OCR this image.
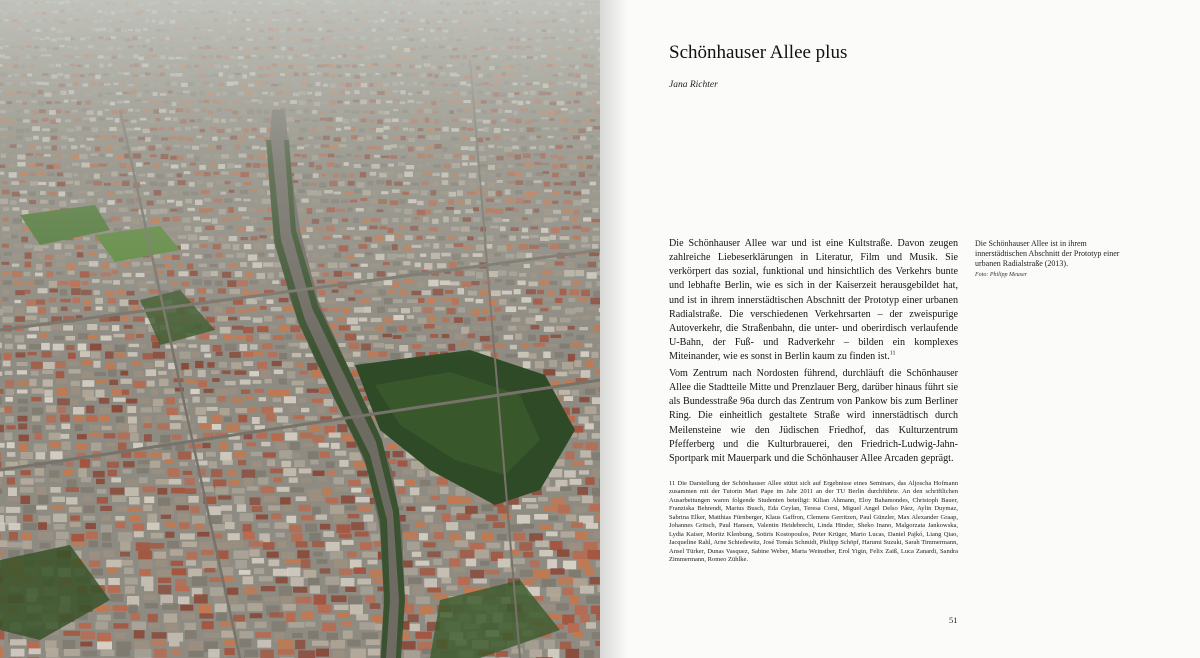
Schönhauser Allee plus
Jana Richter
Die Schönhauser Allee war und ist eine Kultstraße. Davon zeugen zahlreiche Liebeserklärungen in Literatur, Film und Musik. Sie verkörpert das sozial, funktional und hinsichtlich des Verkehrs bunte und lebhafte Berlin, wie es sich in der Kaiserzeit herausgebildet hat, und ist in ihrem innerstädtischen Abschnitt der Prototyp einer urbanen Radialstraße. Die verschiedenen Verkehrsarten – der zweispurige Autoverkehr, die Straßenbahn, die unter- und oberirdisch verlaufende U-Bahn, der Fuß- und Radverkehr – bilden ein komplexes Miteinander, wie es sonst in Berlin kaum zu finden ist.$^{11}$
Vom Zentrum nach Nordosten führend, durchläuft die Schönhauser Allee die Stadtteile Mitte und Prenzlauer Berg, darüber hinaus führt sie als Bundesstraße 96a durch das Zentrum von Pankow bis zum Berliner Ring. Die einheitlich gestaltete Straße wird innerstädtisch durch Meilensteine wie den Jüdischen Friedhof, das Kulturzentrum Pfefferberg und die Kulturbrauerei, den Friedrich-Ludwig-Jahn-Sportpark mit Mauerpark und die Schönhauser Allee Arcaden geprägt.
Die Schönhauser Allee ist in ihrem innerstädtischen Abschnitt der Prototyp einer urbanen Radialstraße (2013).
Foto: Philipp Meuser
11 Die Darstellung der Schönhauser Allee stützt sich auf Ergebnisse eines Seminars, das Aljoscha Hofmann zusammen mit der Tutorin Mari Pape im Jahr 2011 an der TU Berlin durchführte. An den schriftlichen Ausarbeitungen waren folgende Studenten beteiligt: Kilian Ahmann, Eloy Bahamondes, Christoph Bauer, Franziska Behrendt, Marius Busch, Eda Ceylan, Teresa Corsi, Miguel Angel Delso Páez, Aylin Duymaz, Sabrina Elker, Matthias Fürnberger, Klaus Gaffron, Clemens Gerritzen, Paul Günzler, Max Alexander Graap, Johannes Gritsch, Paul Hansen, Valentin Heidebrecht, Linda Hinder, Sheko Inano, Malgorzata Jankowska, Lydia Kaiser, Moritz Klenbung, Sotiris Kostopoulos, Peter Krüger, Mario Lucas, Daniel Pajkó, Liang Qiao, Jacqueline Rahl, Arne Schiedewitz, José Tomás Schmidt, Philipp Schöpf, Harumi Suzuki, Sarah Timmermann, Ansel Türker, Dunas Vasquez, Sabine Weber, Maria Weinstber, Erol Yigin, Felix Zaiß, Luca Zanardi, Sandra Zimmermann, Romeo Zühlke.
51
